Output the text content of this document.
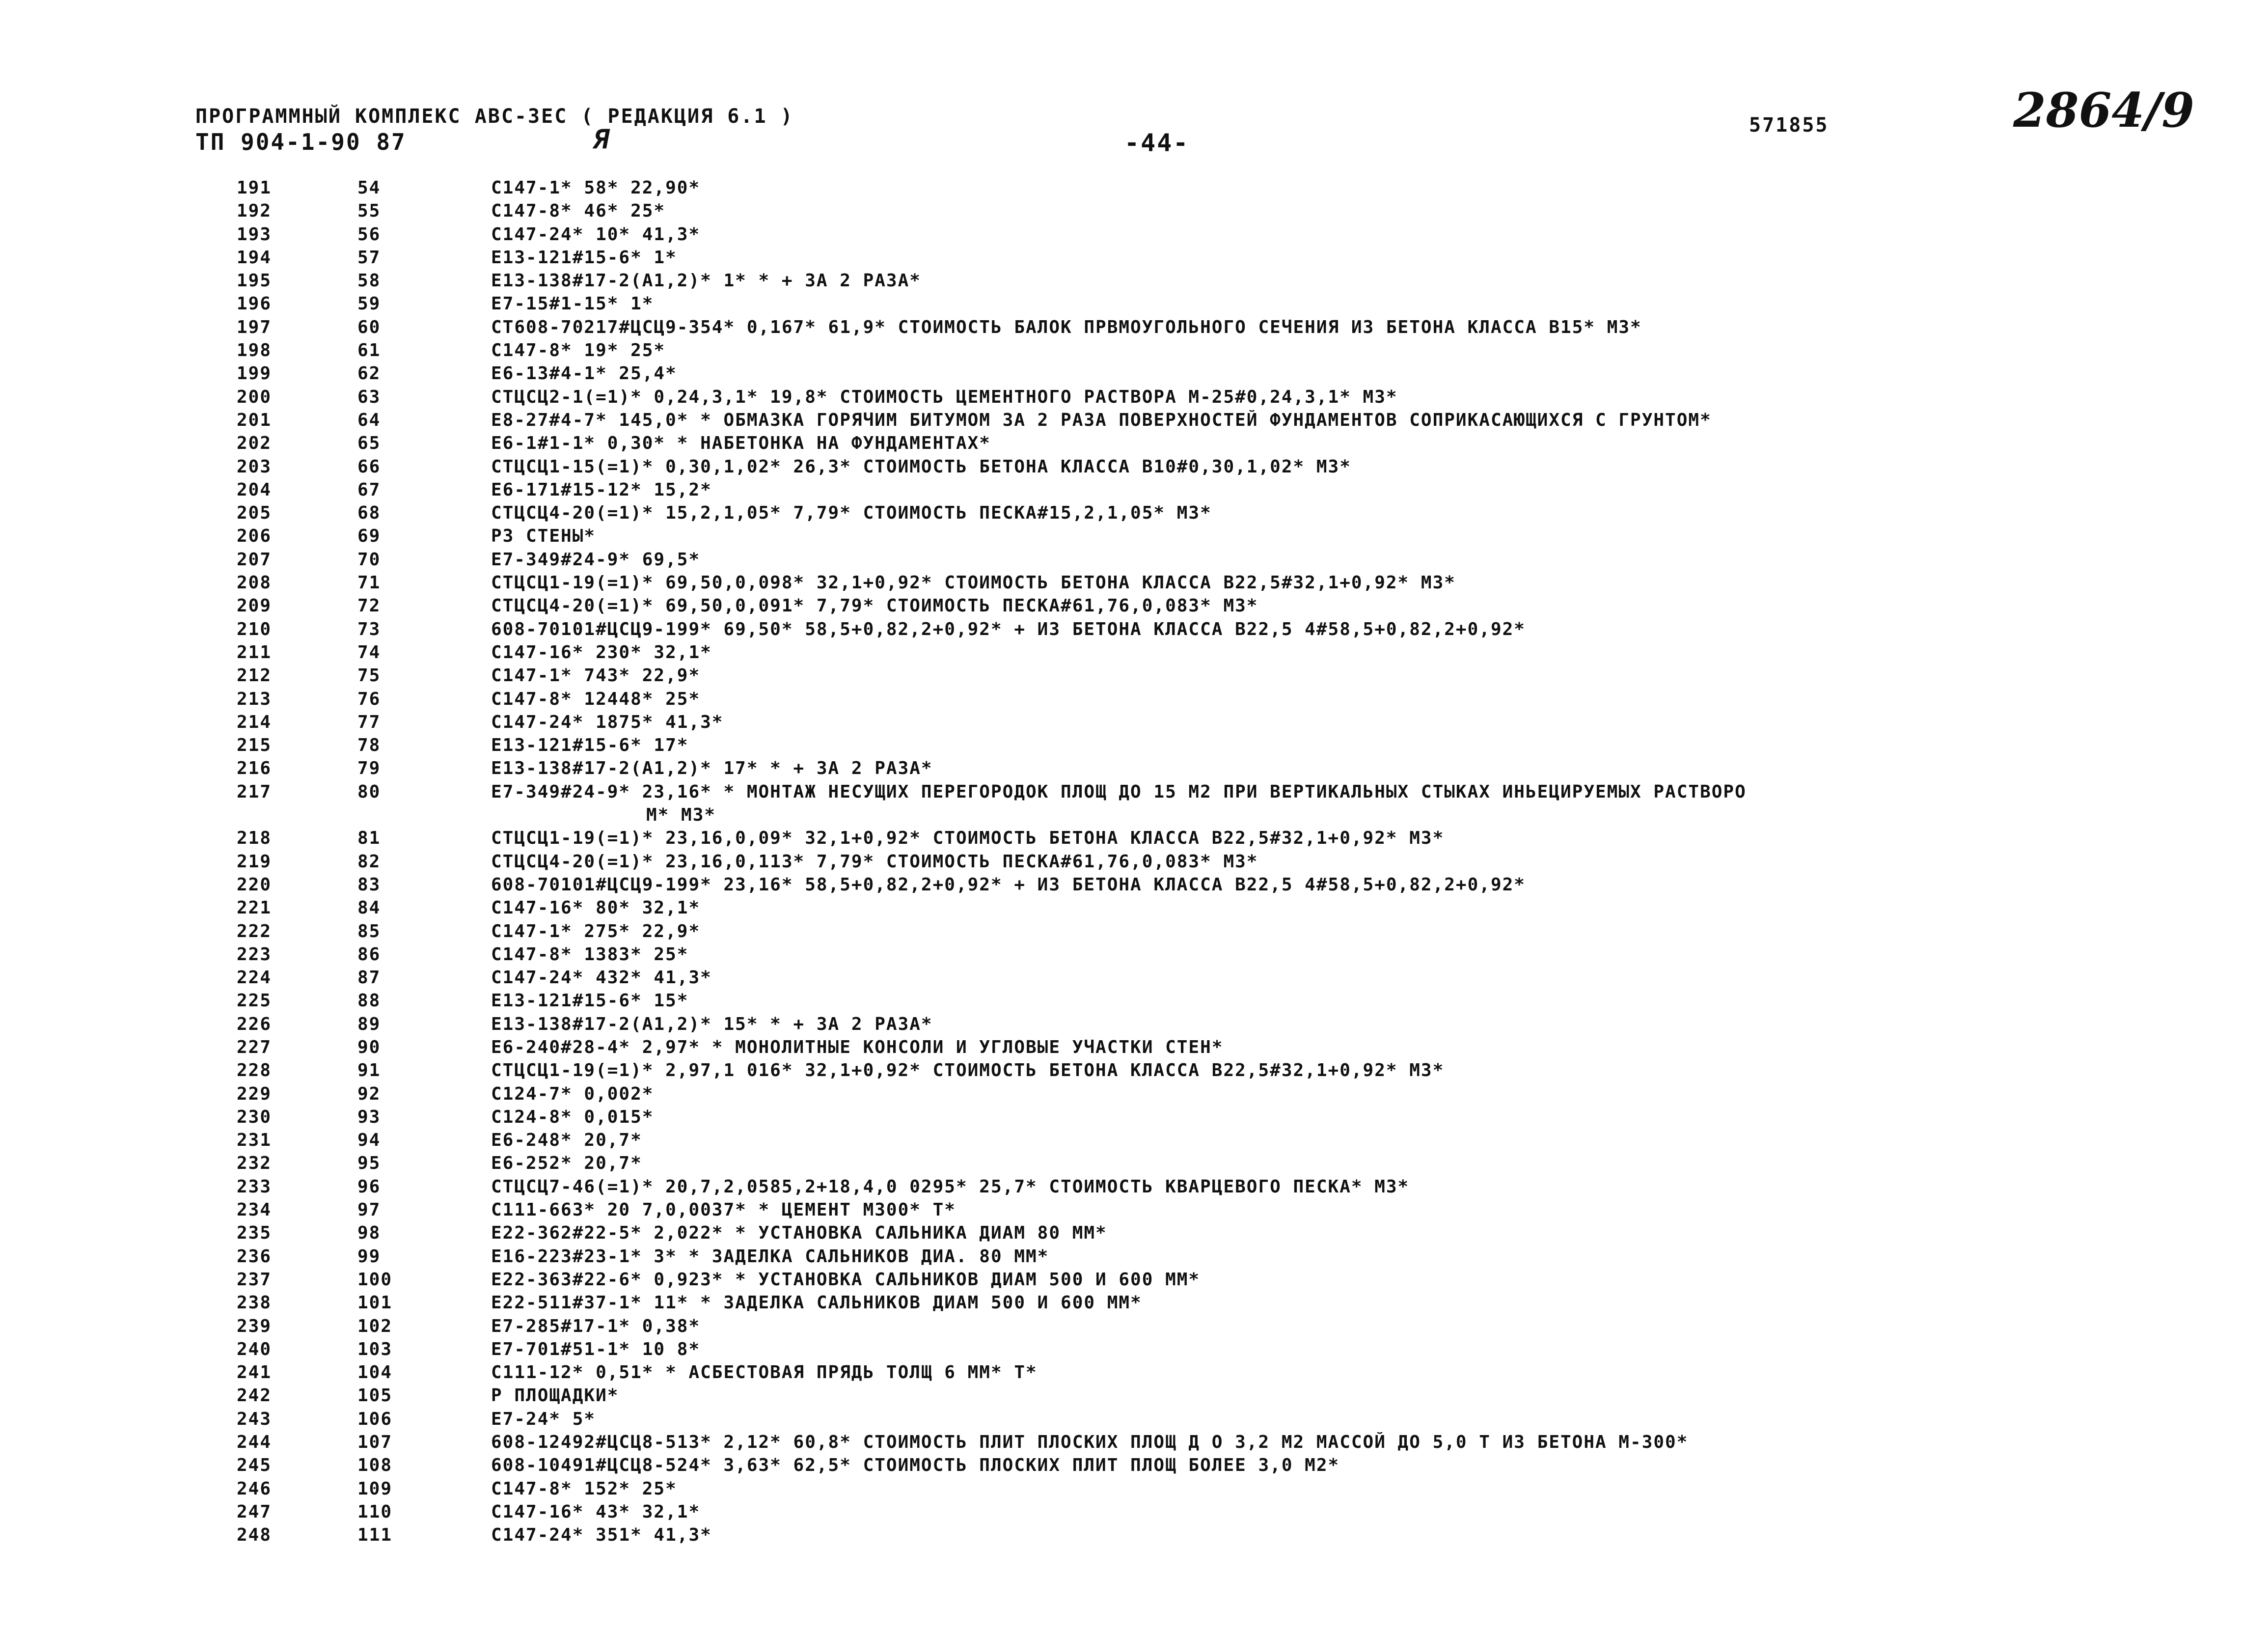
ПРОГРАММНЫЙ КОМПЛЕКС АВС-3ЕС ( РЕДАКЦИЯ 6.1 )
ТП 904-1-90 87	Я	-44-
571855	2864/9
191	54	С147-1* 58* 22,90*
192	55	С147-8* 46* 25*
193	56	С147-24* 10* 41,3*
194	57	Е13-121#15-6* 1*
195	58	Е13-138#17-2(А1,2)* 1* * + ЗА 2 РАЗА*
196	59	Е7-15#1-15* 1*
197	60	СТ608-70217#ЦСЦ9-354* 0,167* 61,9* СТОИМОСТЬ БАЛОК ПРВМОУГОЛЬНОГО СЕЧЕНИЯ ИЗ БЕТОНА КЛАССА В15* М3*
198	61	С147-8* 19* 25*
199	62	Е6-13#4-1* 25,4*
200	63	СТЦСЦ2-1(=1)* 0,24,3,1* 19,8* СТОИМОСТЬ ЦЕМЕНТНОГО РАСТВОРА М-25#0,24,3,1* М3*
201	64	Е8-27#4-7* 145,0* * ОБМАЗКА ГОРЯЧИМ БИТУМОМ ЗА 2 РАЗА ПОВЕРХНОСТЕЙ ФУНДАМЕНТОВ СОПРИКАСАЮЩИХСЯ С ГРУНТОМ*
202	65	Е6-1#1-1* 0,30* * НАБЕТОНКА НА ФУНДАМЕНТАХ*
203	66	СТЦСЦ1-15(=1)* 0,30,1,02* 26,3* СТОИМОСТЬ БЕТОНА КЛАССА В10#0,30,1,02* М3*
204	67	Е6-171#15-12* 15,2*
205	68	СТЦСЦ4-20(=1)* 15,2,1,05* 7,79* СТОИМОСТЬ ПЕСКА#15,2,1,05* М3*
206	69	Р3 СТЕНЫ*
207	70	Е7-349#24-9* 69,5*
208	71	СТЦСЦ1-19(=1)* 69,50,0,098* 32,1+0,92* СТОИМОСТЬ БЕТОНА КЛАССА В22,5#32,1+0,92* М3*
209	72	СТЦСЦ4-20(=1)* 69,50,0,091* 7,79* СТОИМОСТЬ ПЕСКА#61,76,0,083* М3*
210	73	608-70101#ЦСЦ9-199* 69,50* 58,5+0,82,2+0,92* + ИЗ БЕТОНА КЛАССА В22,5 4#58,5+0,82,2+0,92*
211	74	С147-16* 230* 32,1*
212	75	С147-1* 743* 22,9*
213	76	С147-8* 12448* 25*
214	77	С147-24* 1875* 41,3*
215	78	Е13-121#15-6* 17*
216	79	Е13-138#17-2(А1,2)* 17* * + ЗА 2 РАЗА*
217	80	Е7-349#24-9* 23,16* * МОНТАЖ НЕСУЩИХ ПЕРЕГОРОДОК ПЛОЩ ДО 15 М2 ПРИ ВЕРТИКАЛЬНЫХ СТЫКАХ ИНЬЕЦИРУЕМЫХ РАСТВОРО
М* М3*
218	81	СТЦСЦ1-19(=1)* 23,16,0,09* 32,1+0,92* СТОИМОСТЬ БЕТОНА КЛАССА В22,5#32,1+0,92* М3*
219	82	СТЦСЦ4-20(=1)* 23,16,0,113* 7,79* СТОИМОСТЬ ПЕСКА#61,76,0,083* М3*
220	83	608-70101#ЦСЦ9-199* 23,16* 58,5+0,82,2+0,92* + ИЗ БЕТОНА КЛАССА В22,5 4#58,5+0,82,2+0,92*
221	84	С147-16* 80* 32,1*
222	85	С147-1* 275* 22,9*
223	86	С147-8* 1383* 25*
224	87	С147-24* 432* 41,3*
225	88	Е13-121#15-6* 15*
226	89	Е13-138#17-2(А1,2)* 15* * + ЗА 2 РАЗА*
227	90	Е6-240#28-4* 2,97* * МОНОЛИТНЫЕ КОНСОЛИ И УГЛОВЫЕ УЧАСТКИ СТЕН*
228	91	СТЦСЦ1-19(=1)* 2,97,1 016* 32,1+0,92* СТОИМОСТЬ БЕТОНА КЛАССА В22,5#32,1+0,92* М3*
229	92	С124-7* 0,002*
230	93	С124-8* 0,015*
231	94	Е6-248* 20,7*
232	95	Е6-252* 20,7*
233	96	СТЦСЦ7-46(=1)* 20,7,2,0585,2+18,4,0 0295* 25,7* СТОИМОСТЬ КВАРЦЕВОГО ПЕСКА* М3*
234	97	С111-663* 20 7,0,0037* * ЦЕМЕНТ М300* Т*
235	98	Е22-362#22-5* 2,022* * УСТАНОВКА САЛЬНИКА ДИАМ 80 ММ*
236	99	Е16-223#23-1* 3* * ЗАДЕЛКА САЛЬНИКОВ ДИА. 80 ММ*
237	100	Е22-363#22-6* 0,923* * УСТАНОВКА САЛЬНИКОВ ДИАМ 500 И 600 ММ*
238	101	Е22-511#37-1* 11* * ЗАДЕЛКА САЛЬНИКОВ ДИАМ 500 И 600 ММ*
239	102	Е7-285#17-1* 0,38*
240	103	Е7-701#51-1* 10 8*
241	104	С111-12* 0,51* * АСБЕСТОВАЯ ПРЯДЬ ТОЛЩ 6 ММ* Т*
242	105	Р ПЛОЩАДКИ*
243	106	Е7-24* 5*
244	107	608-12492#ЦСЦ8-513* 2,12* 60,8* СТОИМОСТЬ ПЛИТ ПЛОСКИХ ПЛОЩ Д О 3,2 М2 МАССОЙ ДО 5,0 Т ИЗ БЕТОНА М-300*
245	108	608-10491#ЦСЦ8-524* 3,63* 62,5* СТОИМОСТЬ ПЛОСКИХ ПЛИТ ПЛОЩ БОЛЕЕ 3,0 М2*
246	109	С147-8* 152* 25*
247	110	С147-16* 43* 32,1*
248	111	С147-24* 351* 41,3*
